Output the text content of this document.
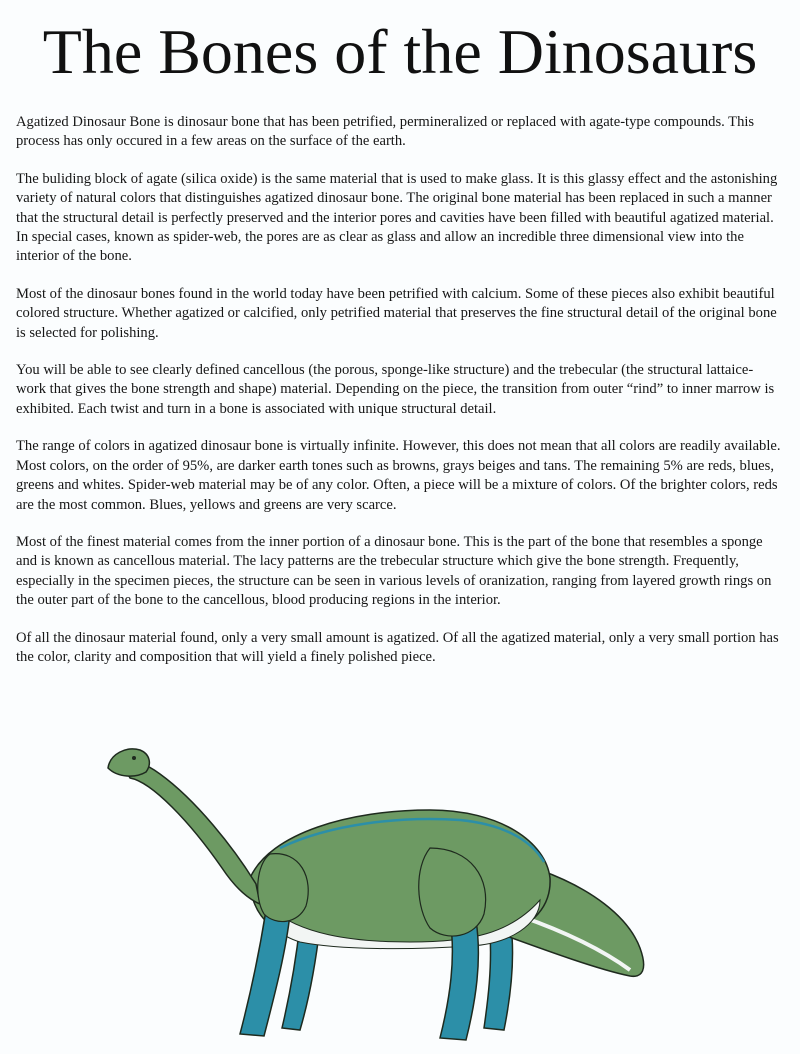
The Bones of the Dinosaurs

Agatized Dinosaur Bone is dinosaur bone that has been petrified, permineralized or replaced with agate-type compounds. This process has only occured in a few areas on the surface of the earth.

The buliding block of agate (silica oxide) is the same material that is used to make glass. It is this glassy effect and the astonishing variety of natural colors that distinguishes agatized dinosaur bone. The original bone material has been replaced in such a manner that the structural detail is perfectly preserved and the interior pores and cavities have been filled with beautiful agatized material. In special cases, known as spider-web, the pores are as clear as glass and allow an incredible three dimensional view into the interior of the bone.

Most of the dinosaur bones found in the world today have been petrified with calcium. Some of these pieces also exhibit beautiful colored structure. Whether agatized or calcified, only petrified material that preserves the fine structural detail of the original bone is selected for polishing.

You will be able to see clearly defined cancellous (the porous, sponge-like structure) and the trebecular (the structural lattaice-work that gives the bone strength and shape) material. Depending on the piece, the transition from outer “rind” to inner marrow is exhibited. Each twist and turn in a bone is associated with unique structural detail.

The range of colors in agatized dinosaur bone is virtually infinite. However, this does not mean that all colors are readily available. Most colors, on the order of 95%, are darker earth tones such as browns, grays beiges and tans. The remaining 5% are reds, blues, greens and whites. Spider-web material may be of any color. Often, a piece will be a mixture of colors. Of the brighter colors, reds are the most common. Blues, yellows and greens are very scarce.

Most of the finest material comes from the inner portion of a dinosaur bone. This is the part of the bone that resembles a sponge and is known as cancellous material. The lacy patterns are the trebecular structure which give the bone strength. Frequently, especially in the specimen pieces, the structure can be seen in various levels of oranization, ranging from layered growth rings on the outer part of the bone to the cancellous, blood producing regions in the interior.

Of all the dinosaur material found, only a very small amount is agatized. Of all the agatized material, only a very small portion has the color, clarity and composition that will yield a finely polished piece.
